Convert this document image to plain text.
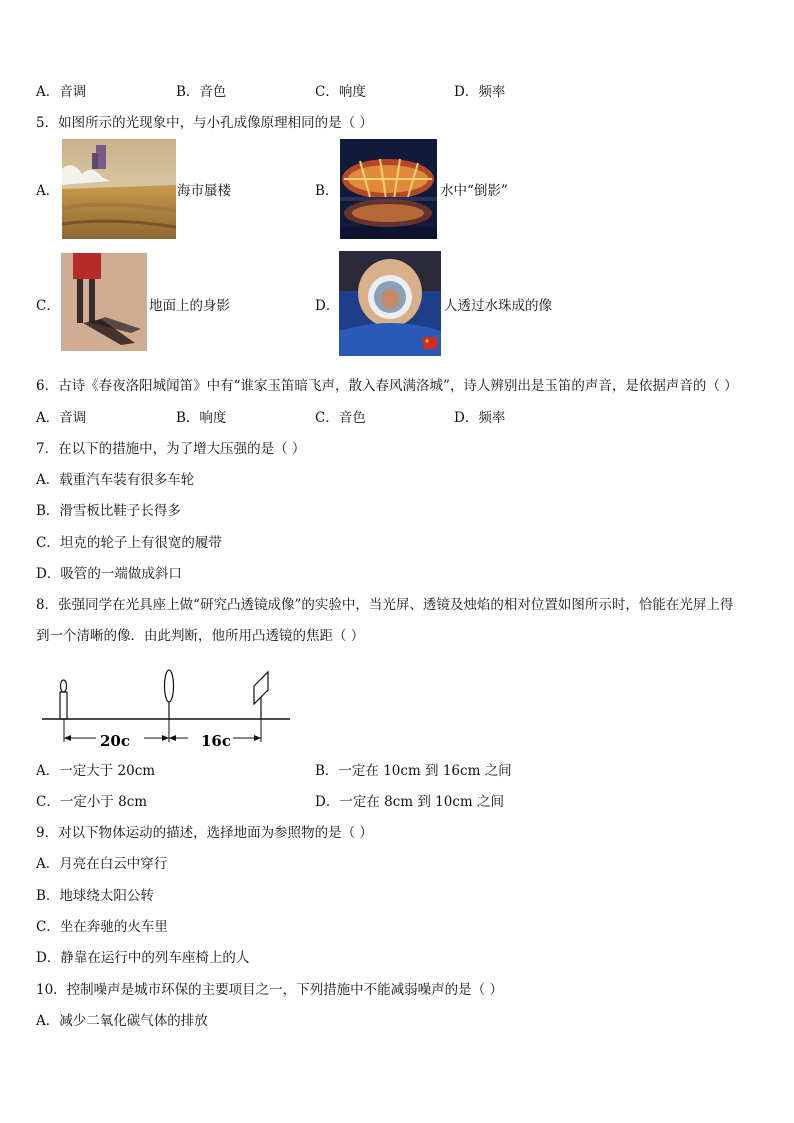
A．音调	B．音色	C．响度	D．频率
5．如图所示的光现象中，与小孔成像原理相同的是（ ）
A．	海市蜃楼	B．	水中“倒影”
C．	地面上的身影	D．	人透过水珠成的像
6．古诗《春夜洛阳城闻笛》中有“谁家玉笛暗飞声，散入春风满洛城”，诗人辨别出是玉笛的声音，是依据声音的（ ）
A．音调	B．响度	C．音色	D．频率
7．在以下的措施中，为了增大压强的是（ ）
A．载重汽车装有很多车轮
B．滑雪板比鞋子长得多
C．坦克的轮子上有很宽的履带
D．吸管的一端做成斜口
8．张强同学在光具座上做“研究凸透镜成像”的实验中，当光屏、透镜及烛焰的相对位置如图所示时，恰能在光屏上得
到一个清晰的像．由此判断，他所用凸透镜的焦距（ ）
20c	16c
A．一定大于 20cm	B．一定在 10cm 到 16cm 之间
C．一定小于 8cm	D．一定在 8cm 到 10cm 之间
9．对以下物体运动的描述，选择地面为参照物的是（ ）
A．月亮在白云中穿行
B．地球绕太阳公转
C．坐在奔驰的火车里
D．静靠在运行中的列车座椅上的人
10．控制噪声是城市环保的主要项目之一，下列措施中不能减弱噪声的是（ ）
A．减少二氧化碳气体的排放
